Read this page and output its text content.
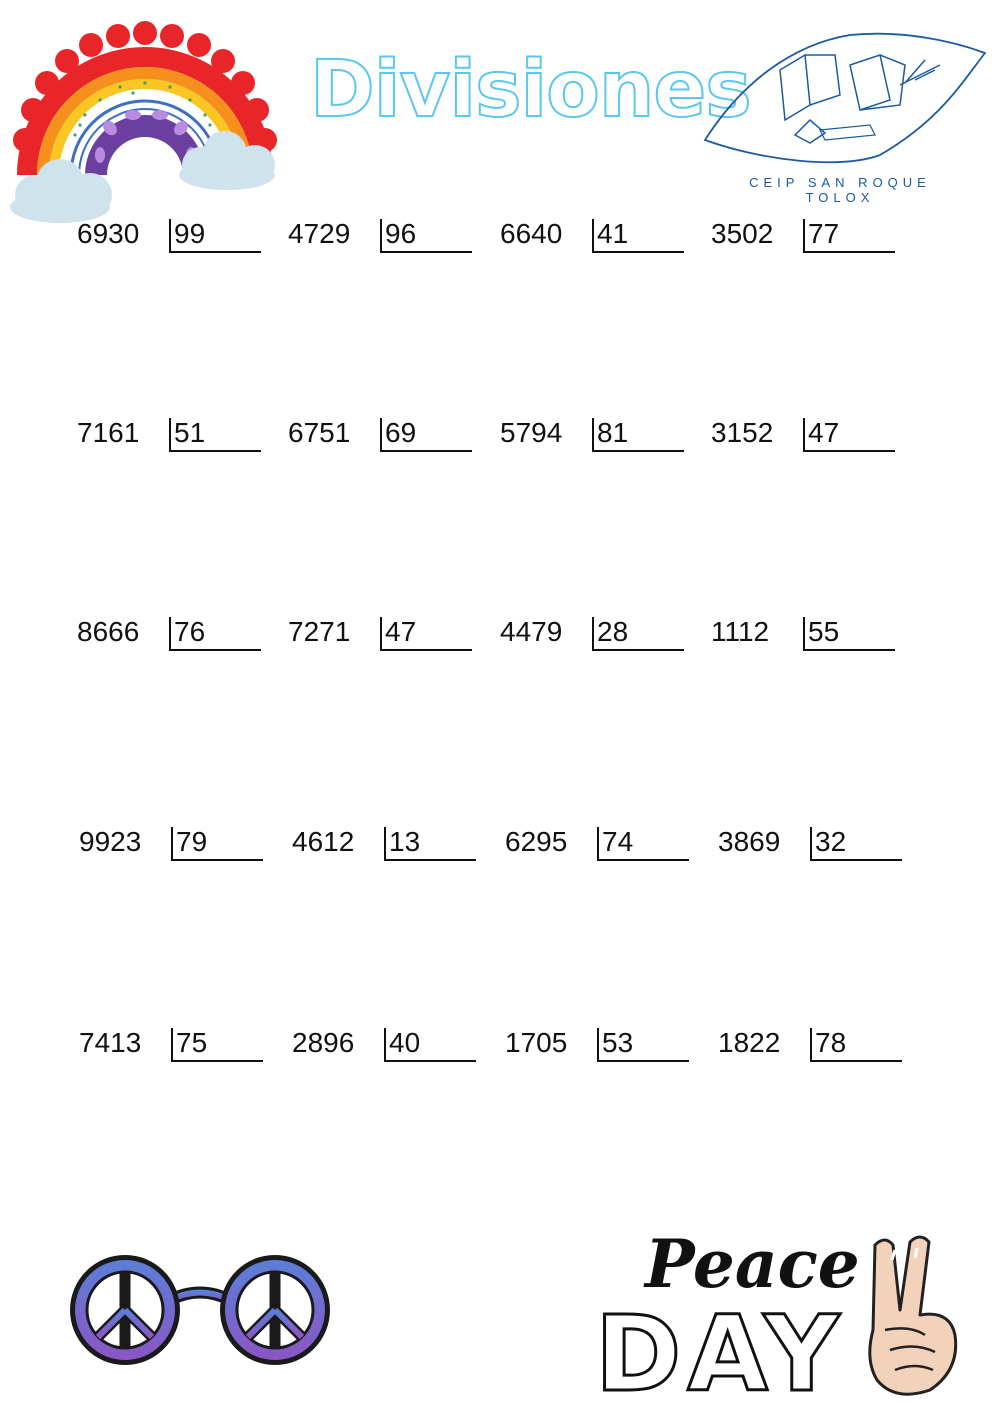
Divisiones
CEIP SAN ROQUE
TOLOX
6930 99	4729 96	6640 41	3502 77
7161 51	6751 69	5794 81	3152 47
8666 76	7271 47	4479 28	1112 55
9923 79	4612 13	6295 74	3869 32
7413 75	2896 40	1705 53	1822 78
Peace
DAY
